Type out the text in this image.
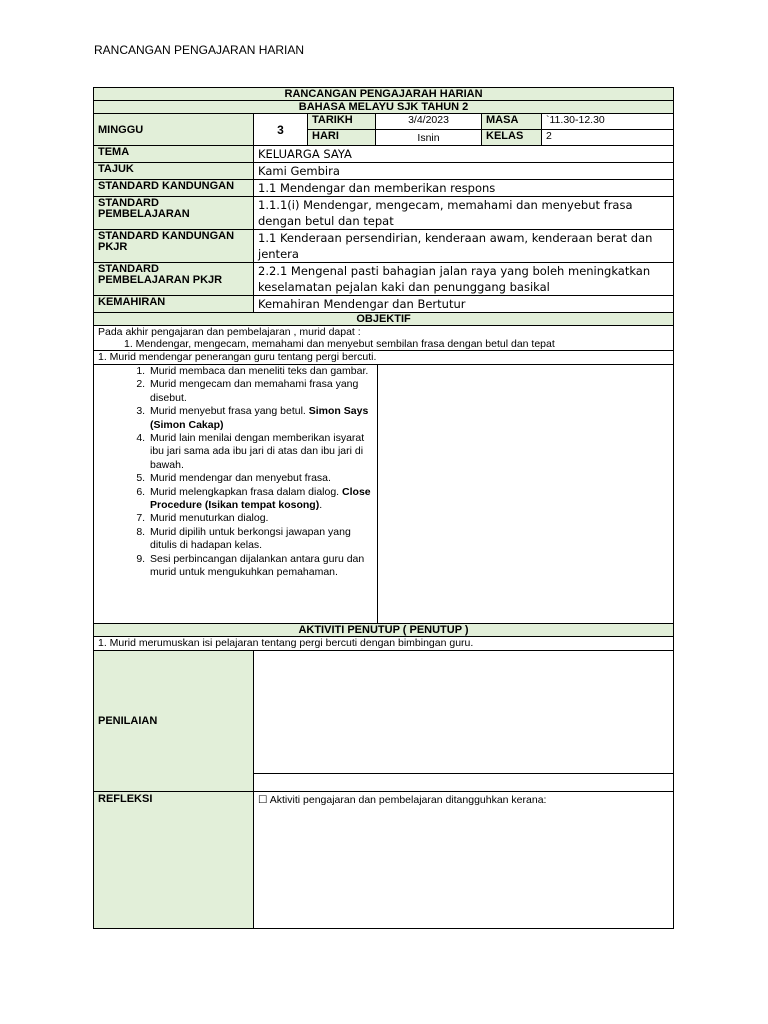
RANCANGAN PENGAJARAN HARIAN
RANCANGAN PENGAJARAH HARIAN					
BAHASA MELAYU SJK TAHUN 2					
MINGGU	3	TARIKH	3/4/2023	MASA	`11.30-12.30
		HARI	Isnin	KELAS	2
TEMA	KELUARGA SAYA				
TAJUK	Kami Gembira				
STANDARD KANDUNGAN	1.1 Mendengar dan memberikan respons				
STANDARD PEMBELAJARAN	1.1.1(i) Mendengar, mengecam, memahami dan menyebut frasa dengan betul dan tepat				
STANDARD KANDUNGAN PKJR	1.1 Kenderaan persendirian, kenderaan awam, kenderaan berat dan jentera				
STANDARD PEMBELAJARAN PKJR	2.2.1 Mengenal pasti bahagian jalan raya yang boleh meningkatkan keselamatan pejalan kaki dan penunggang basikal				
KEMAHIRAN	Kemahiran Mendengar dan Bertutur				
OBJEKTIF					

Pada akhir pengajaran dan pembelajaran , murid dapat :
1. Mendengar, mengecam, memahami dan menyebut sembilan frasa dengan betul dan tepat					

1. Murid mendengar penerangan guru tentang pergi bercuti.					
1. Murid membaca dan meneliti teks dan gambar.
2. Murid mengecam dan memahami frasa yang disebut.
3. Murid menyebut frasa yang betul. Simon Says (Simon Cakap)
4. Murid lain menilai dengan memberikan isyarat ibu jari sama ada ibu jari di atas dan ibu jari di bawah.
5. Murid mendengar dan menyebut frasa.
6. Murid melengkapkan frasa dalam dialog. Close Procedure (Isikan tempat kosong).
7. Murid menuturkan dialog.
8. Murid dipilih untuk berkongsi jawapan yang ditulis di hadapan kelas.
9. Sesi perbincangan dijalankan antara guru dan murid untuk mengukuhkan pemahaman.

AKTIVITI PENUTUP ( PENUTUP )	
1. Murid merumuskan isi pelajaran tentang pergi bercuti dengan bimbingan guru.	
PENILAIAN	

REFLEKSI	☐ Aktiviti pengajaran dan pembelajaran ditangguhkan kerana:
